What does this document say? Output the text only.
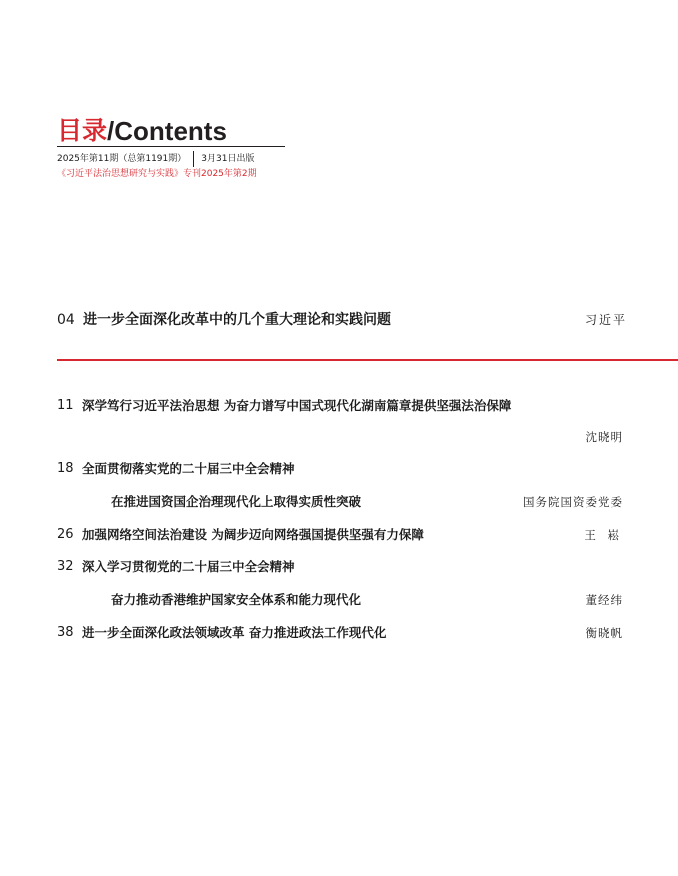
目录 / Contents
2025年第11期（总第1191期） 3月31日出版
《习近平法治思想研究与实践》专刊2025年第2期
04 进一步全面深化改革中的几个重大理论和实践问题	习近平
11 深学笃行习近平法治思想 为奋力谱写中国式现代化湖南篇章提供坚强法治保障
沈晓明
18 全面贯彻落实党的二十届三中全会精神
在推进国资国企治理现代化上取得实质性突破	国务院国资委党委
26 加强网络空间法治建设 为阔步迈向网络强国提供坚强有力保障	王 崧
32 深入学习贯彻党的二十届三中全会精神
奋力推动香港维护国家安全体系和能力现代化	董经纬
38 进一步全面深化政法领域改革 奋力推进政法工作现代化	衡晓帆
